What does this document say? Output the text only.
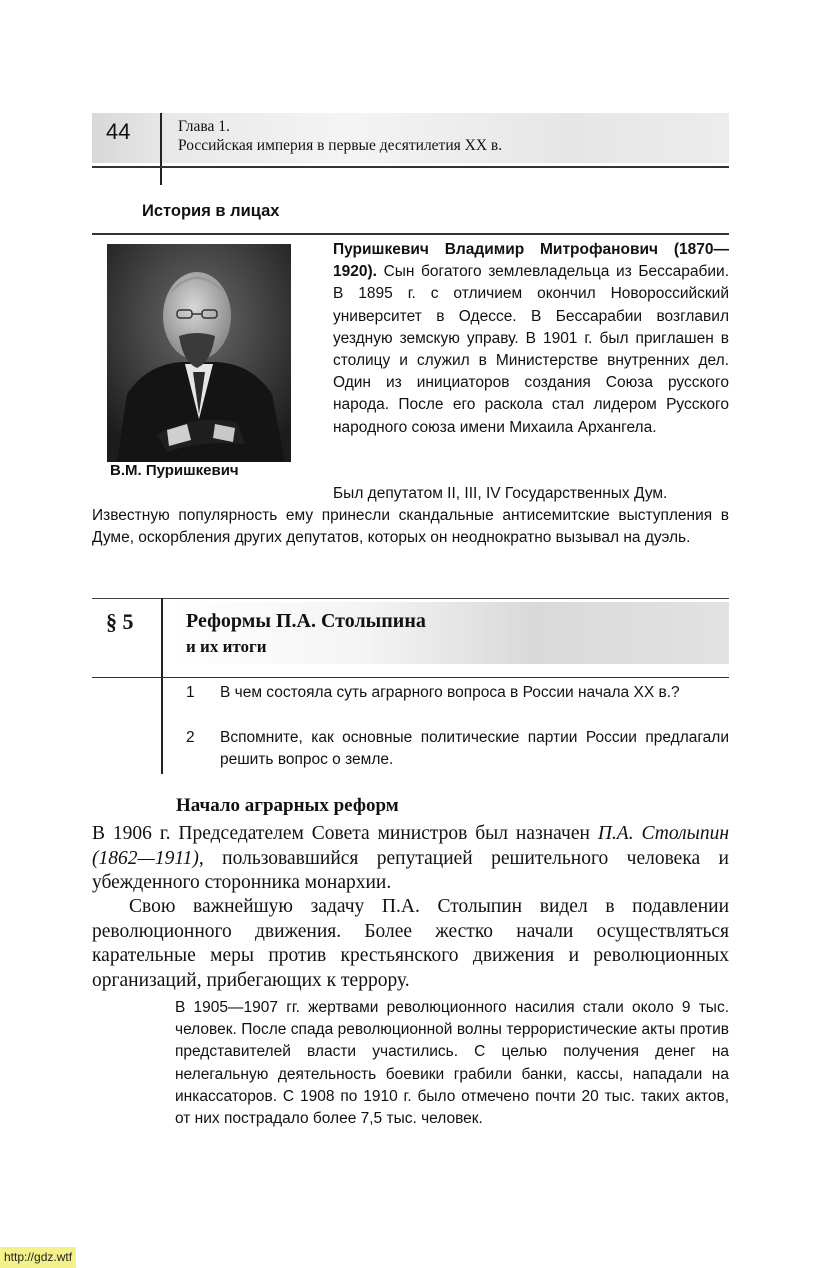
44	Глава 1.
Российская империя в первые десятилетия XX в.
История в лицах
В.М. Пуришкевич
Пуришкевич Владимир Митрофанович (1870—1920). Сын богатого землевладельца из Бессарабии. В 1895 г. с отличием окончил Новороссийский университет в Одессе. В Бессарабии возглавил уездную земскую управу. В 1901 г. был приглашен в столицу и служил в Министерстве внутренних дел. Один из инициаторов создания Союза русского народа. После его раскола стал лидером Русского народного союза имени Михаила Архангела.
Был депутатом II, III, IV Государственных Дум.
Известную популярность ему принесли скандальные антисемитские выступления в Думе, оскорбления других депутатов, которых он неоднократно вызывал на дуэль.
§ 5	Реформы П.А. Столыпина
и их итоги
1	В чем состояла суть аграрного вопроса в России начала XX в.?
2	Вспомните, как основные политические партии России предлагали решить вопрос о земле.
Начало аграрных реформ
В 1906 г. Председателем Совета министров был назначен П.А. Столыпин (1862—1911), пользовавшийся репутацией решительного человека и убежденного сторонника монархии.
Свою важнейшую задачу П.А. Столыпин видел в подавлении революционного движения. Более жестко начали осуществляться карательные меры против крестьянского движения и революционных организаций, прибегающих к террору.
В 1905—1907 гг. жертвами революционного насилия стали около 9 тыс. человек. После спада революционной волны террористические акты против представителей власти участились. С целью получения денег на нелегальную деятельность боевики грабили банки, кассы, нападали на инкассаторов. С 1908 по 1910 г. было отмечено почти 20 тыс. таких актов, от них пострадало более 7,5 тыс. человек.
http://gdz.wtf
